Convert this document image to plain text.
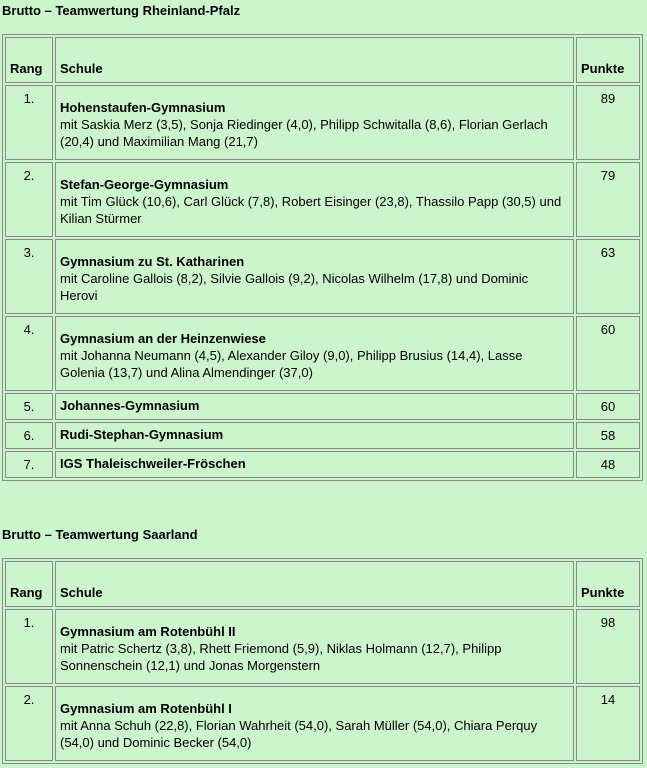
Brutto – Teamwertung Rheinland-Pfalz
Rang	Schule	Punkte
1.	Hohenstaufen-Gymnasium
mit Saskia Merz (3,5), Sonja Riedinger (4,0), Philipp Schwitalla (8,6), Florian Gerlach (20,4) und Maximilian Mang (21,7)	89
2.	Stefan-George-Gymnasium
mit Tim Glück (10,6), Carl Glück (7,8), Robert Eisinger (23,8), Thassilo Papp (30,5) und Kilian Stürmer	79
3.	Gymnasium zu St. Katharinen
mit Caroline Gallois (8,2), Silvie Gallois (9,2), Nicolas Wilhelm (17,8) und Dominic Herovi	63
4.	Gymnasium an der Heinzenwiese
mit Johanna Neumann (4,5), Alexander Giloy (9,0), Philipp Brusius (14,4), Lasse Golenia (13,7) und Alina Almendinger (37,0)	60
5.	Johannes-Gymnasium	60
6.	Rudi-Stephan-Gymnasium	58
7.	IGS Thaleischweiler-Fröschen	48
Brutto – Teamwertung Saarland
Rang	Schule	Punkte
1.	Gymnasium am Rotenbühl II
mit Patric Schertz (3,8), Rhett Friemond (5,9), Niklas Holmann (12,7), Philipp Sonnenschein (12,1) und Jonas Morgenstern	98
2.	Gymnasium am Rotenbühl I
mit Anna Schuh (22,8), Florian Wahrheit (54,0), Sarah Müller (54,0), Chiara Perquy (54,0) und Dominic Becker (54,0)	14
